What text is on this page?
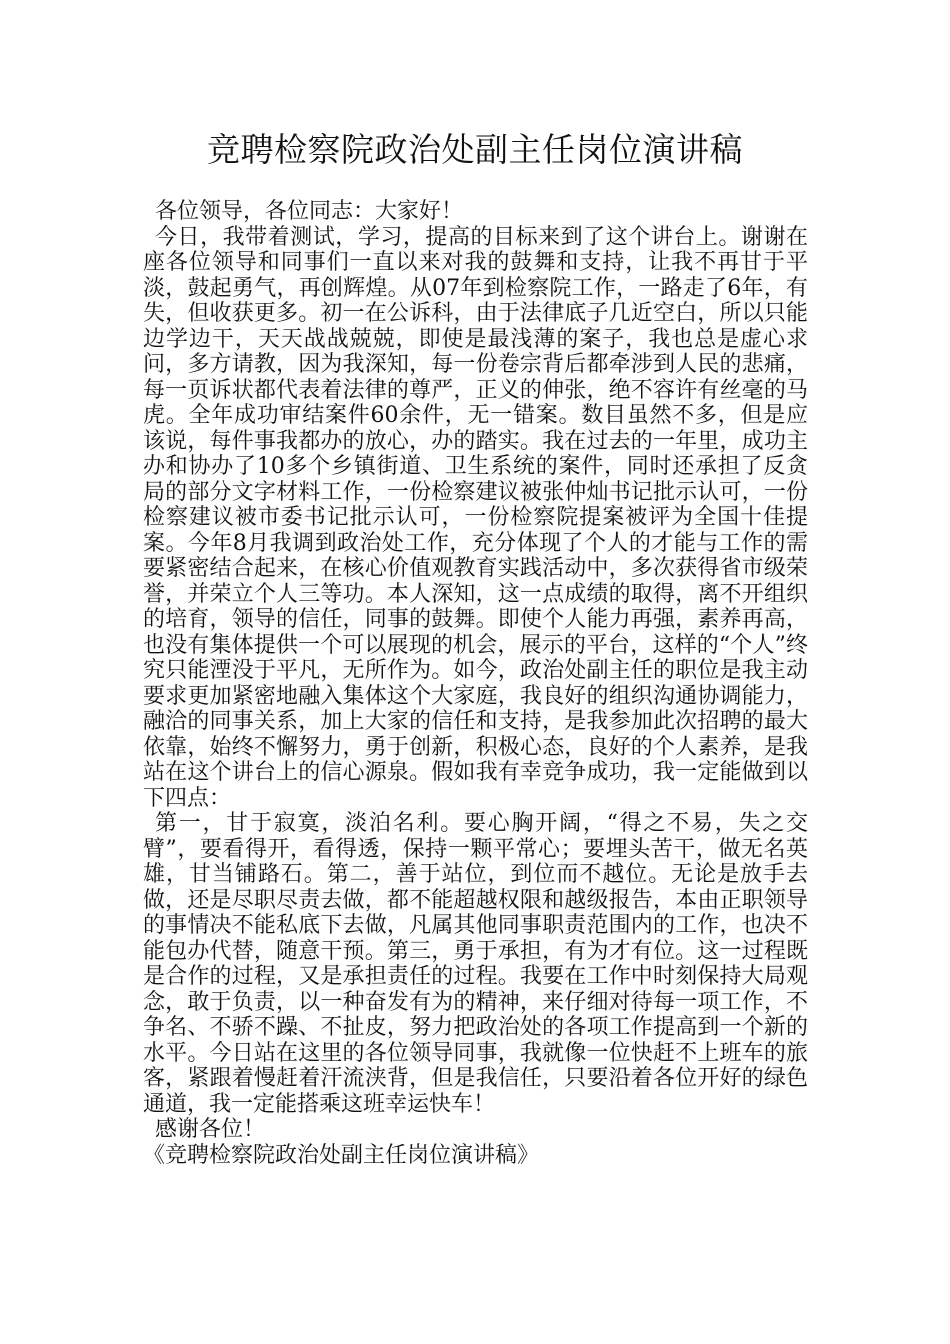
竞聘检察院政治处副主任岗位演讲稿

各位领导，各位同志：大家好！

今日，我带着测试，学习，提高的目标来到了这个讲台上。谢谢在座各位领导和同事们一直以来对我的鼓舞和支持，让我不再甘于平淡，鼓起勇气，再创辉煌。从07年到检察院工作，一路走了6年，有失，但收获更多。初一在公诉科，由于法律底子几近空白，所以只能边学边干，天天战战兢兢，即使是最浅薄的案子，我也总是虚心求问，多方请教，因为我深知，每一份卷宗背后都牵涉到人民的悲痛，每一页诉状都代表着法律的尊严，正义的伸张，绝不容许有丝毫的马虎。全年成功审结案件60余件，无一错案。数目虽然不多，但是应该说，每件事我都办的放心，办的踏实。我在过去的一年里，成功主办和协办了10多个乡镇街道、卫生系统的案件，同时还承担了反贪局的部分文字材料工作，一份检察建议被张仲灿书记批示认可，一份检察建议被市委书记批示认可，一份检察院提案被评为全国十佳提案。今年8月我调到政治处工作，充分体现了个人的才能与工作的需要紧密结合起来，在核心价值观教育实践活动中，多次获得省市级荣誉，并荣立个人三等功。本人深知，这一点成绩的取得，离不开组织的培育，领导的信任，同事的鼓舞。即使个人能力再强，素养再高，也没有集体提供一个可以展现的机会，展示的平台，这样的“个人”终究只能湮没于平凡，无所作为。如今，政治处副主任的职位是我主动要求更加紧密地融入集体这个大家庭，我良好的组织沟通协调能力，融洽的同事关系，加上大家的信任和支持，是我参加此次招聘的最大依靠，始终不懈努力，勇于创新，积极心态，良好的个人素养，是我站在这个讲台上的信心源泉。假如我有幸竞争成功，我一定能做到以下四点：

第一，甘于寂寞，淡泊名利。要心胸开阔，“得之不易，失之交臂”，要看得开，看得透，保持一颗平常心；要埋头苦干，做无名英雄，甘当铺路石。第二，善于站位，到位而不越位。无论是放手去做，还是尽职尽责去做，都不能超越权限和越级报告，本由正职领导的事情决不能私底下去做，凡属其他同事职责范围内的工作，也决不能包办代替，随意干预。第三，勇于承担，有为才有位。这一过程既是合作的过程，又是承担责任的过程。我要在工作中时刻保持大局观念，敢于负责，以一种奋发有为的精神，来仔细对待每一项工作，不争名、不骄不躁、不扯皮，努力把政治处的各项工作提高到一个新的水平。今日站在这里的各位领导同事，我就像一位快赶不上班车的旅客，紧跟着慢赶着汗流浃背，但是我信任，只要沿着各位开好的绿色通道，我一定能搭乘这班幸运快车！

感谢各位！

《竞聘检察院政治处副主任岗位演讲稿》
